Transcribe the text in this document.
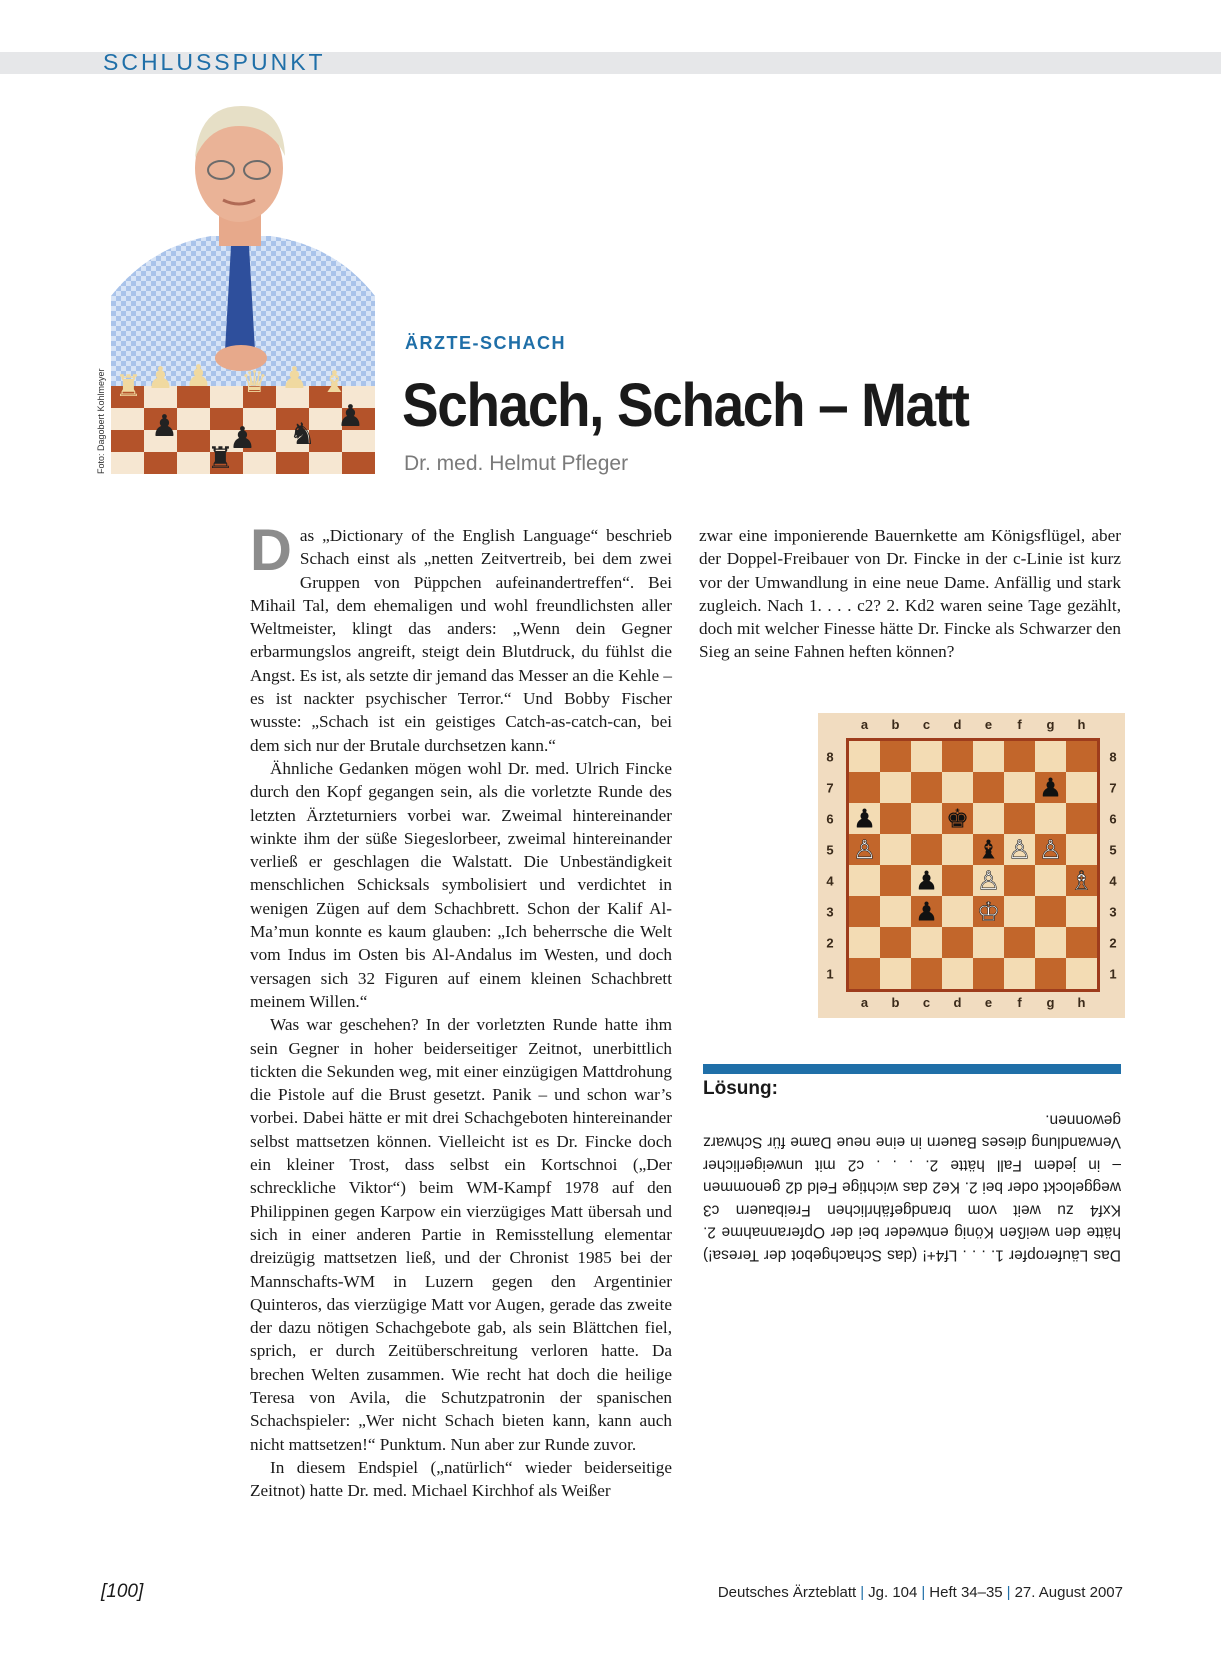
SCHLUSSPUNKT
♜ ♟ ♟ ♛ ♟ ♝
♟ ♟ ♞
♟
♜
Foto: Dagobert Kohlmeyer
ÄRZTE-SCHACH
Schach, Schach – Matt
Dr. med. Helmut Pfleger

Das „Dictionary of the English Language“ beschrieb Schach einst als „netten Zeitvertreib, bei dem zwei Gruppen von Püppchen aufeinandertreffen“. Bei Mihail Tal, dem ehemaligen und wohl freundlichsten aller Weltmeister, klingt das anders: „Wenn dein Gegner erbarmungslos angreift, steigt dein Blutdruck, du fühlst die Angst. Es ist, als setzte dir jemand das Messer an die Kehle – es ist nackter psychischer Terror.“ Und Bobby Fischer wusste: „Schach ist ein geistiges Catch-as-catch-can, bei dem sich nur der Brutale durchsetzen kann.“

Ähnliche Gedanken mögen wohl Dr. med. Ulrich Fincke durch den Kopf gegangen sein, als die vorletzte Runde des letzten Ärzteturniers vorbei war. Zweimal hintereinander winkte ihm der süße Siegeslorbeer, zweimal hintereinander verließ er geschlagen die Walstatt. Die Unbeständigkeit menschlichen Schicksals symbolisiert und verdichtet in wenigen Zügen auf dem Schachbrett. Schon der Kalif Al-Ma’mun konnte es kaum glauben: „Ich beherrsche die Welt vom Indus im Osten bis Al-Andalus im Westen, und doch versagen sich 32 Figuren auf einem kleinen Schachbrett meinem Willen.“

Was war geschehen? In der vorletzten Runde hatte ihm sein Gegner in hoher beiderseitiger Zeitnot, unerbittlich tickten die Sekunden weg, mit einer einzügigen Mattdrohung die Pistole auf die Brust gesetzt. Panik – und schon war’s vorbei. Dabei hätte er mit drei Schachgeboten hintereinander selbst mattsetzen können. Vielleicht ist es Dr. Fincke doch ein kleiner Trost, dass selbst ein Kortschnoi („Der schreckliche Viktor“) beim WM-Kampf 1978 auf den Philippinen gegen Karpow ein vierzügiges Matt übersah und sich in einer anderen Partie in Remisstellung elementar dreizügig mattsetzen ließ, und der Chronist 1985 bei der Mannschafts-WM in Luzern gegen den Argentinier Quinteros, das vierzügige Matt vor Augen, gerade das zweite der dazu nötigen Schachgebote gab, als sein Blättchen fiel, sprich, er durch Zeitüberschreitung verloren hatte. Da brechen Welten zusammen. Wie recht hat doch die heilige Teresa von Avila, die Schutzpatronin der spanischen Schachspieler: „Wer nicht Schach bieten kann, kann auch nicht mattsetzen!“ Punktum. Nun aber zur Runde zuvor.

In diesem Endspiel („natürlich“ wieder beiderseitige Zeitnot) hatte Dr. med. Michael Kirchhof als Weißer

zwar eine imponierende Bauernkette am Königsflügel, aber der Doppel-Freibauer von Dr. Fincke in der c-Linie ist kurz vor der Umwandlung in eine neue Dame. Anfällig und stark zugleich. Nach 1. . . . c2? 2. Kd2 waren seine Tage gezählt, doch mit welcher Finesse hätte Dr. Fincke als Schwarzer den Sieg an seine Fahnen heften können?

a
a
b
b
c
c
d
d
e
e
f
f
g
g
h
h
8	8
7	7
6	6
5	5
4	4
3	3
2	2
1	1
♟
♟	♚
♙	♝ ♙ ♙
♟ ♙	♗
♟ ♔
Lösung:
Das Läuferopfer 1. . . . Lf4+! (das Schachgebot der Teresa!) hätte den weißen König entweder bei der Opferannahme 2. Kxf4 zu weit vom brandgefährlichen Freibauern c3 weggelockt oder bei 2. Ke2 das wichtige Feld d2 genommen – in jedem Fall hätte 2. . . . c2 mit unweigerlicher Verwandlung dieses Bauern in eine neue Dame für Schwarz gewonnen.
[100]	Deutsches Ärzteblatt | Jg. 104 | Heft 34–35 | 27. August 2007
